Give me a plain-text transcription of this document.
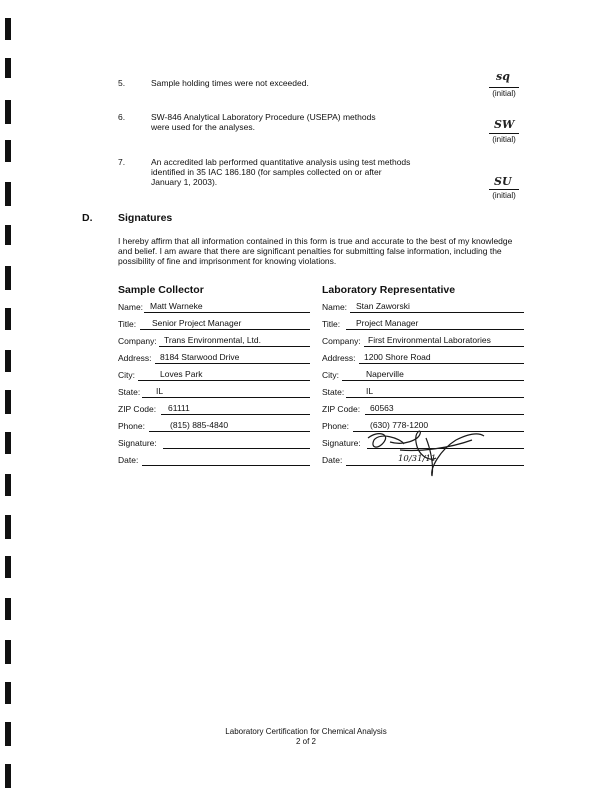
5.	Sample holding times were not exceeded.	sq
(initial)
6.	SW-846 Analytical Laboratory Procedure (USEPA) methods
were used for the analyses.	SW
(initial)
7.	An accredited lab performed quantitative analysis using test methods
identified in 35 IAC 186.180 (for samples collected on or after
January 1, 2003).	SU
(initial)
D. Signatures
I hereby affirm that all information contained in this form is true and accurate to the best of my knowledge and belief. I am aware that there are significant penalties for submitting false information, including the possibility of fine and imprisonment for knowing violations.
Sample Collector	Laboratory Representative
Name: Matt Warneke
Title: Senior Project Manager
Company: Trans Environmental, Ltd.
Address: 8184 Starwood Drive
City:	Loves Park
State: IL
ZIP Code: 61111
Phone:	(815) 885-4840
Signature:
Date:
Name: Stan Zaworski
Title: Project Manager
Company: First Environmental Laboratories
Address: 1200 Shore Road
City:	Naperville
State:	IL
ZIP Code: 60563
Phone: (630) 778-1200
Signature:
Date:	10/31/11
Laboratory Certification for Chemical Analysis
2 of 2
